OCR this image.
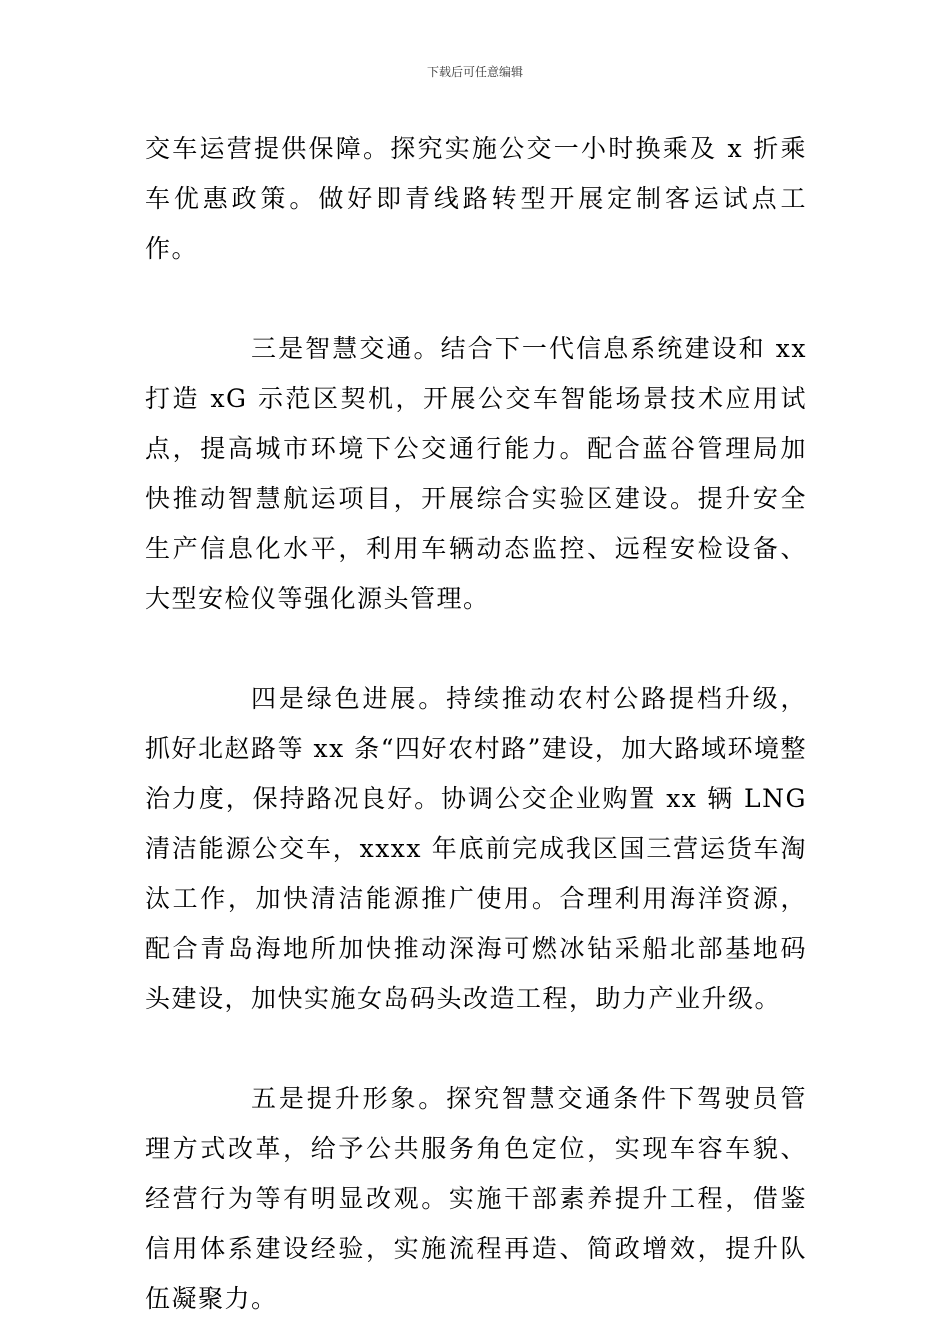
下载后可任意编辑

交车运营提供保障。探究实施公交一小时换乘及 x 折乘车优惠政策。做好即青线路转型开展定制客运试点工作。

三是智慧交通。结合下一代信息系统建设和 xx 打造 xG 示范区契机，开展公交车智能场景技术应用试点，提高城市环境下公交通行能力。配合蓝谷管理局加快推动智慧航运项目，开展综合实验区建设。提升安全生产信息化水平，利用车辆动态监控、远程安检设备、大型安检仪等强化源头管理。

四是绿色进展。持续推动农村公路提档升级，抓好北赵路等 xx 条“四好农村路”建设，加大路域环境整治力度，保持路况良好。协调公交企业购置 xx 辆 LNG 清洁能源公交车，xxxx 年底前完成我区国三营运货车淘汰工作，加快清洁能源推广使用。合理利用海洋资源，配合青岛海地所加快推动深海可燃冰钻采船北部基地码头建设，加快实施女岛码头改造工程，助力产业升级。

五是提升形象。探究智慧交通条件下驾驶员管理方式改革，给予公共服务角色定位，实现车容车貌、经营行为等有明显改观。实施干部素养提升工程，借鉴信用体系建设经验，实施流程再造、简政增效，提升队伍凝聚力。
